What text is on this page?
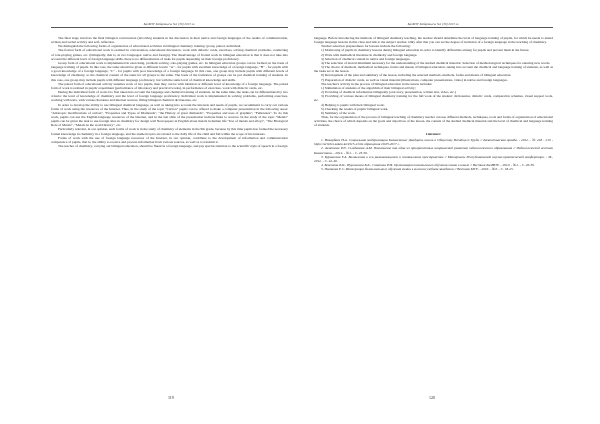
ҚазҰПУ Хабаршысы №1 (39) 2013 ж.

The final stage involves the final bilingual conversation (involving students in the discussion in their native and foreign languages of the results of communication, written and verbal activity and self- reflection.

We distinguish the following forms of organization of educational activities in bilingual chemistry training: group, paired, individual.

The frontal form of educational work is realized in conversation, educational discussion, work with didactic cards, exercises, solving chemical problems, conducting of role-playing games, etc. (bilingually, that is, in two languages: native and foreign). The disadvantage of frontal work in bilingual education is that it does not take into account the different level of foreign language skills, there is no differentiation of tasks for pupils depending on their foreign proficiency.

Group form of educational work is implemented in exercising, problem solving, role-playing games, etc. In bilingual education groups can be formed on the basis of language training of pupils. In this case, the tasks should be given at different levels: "A" - for pupils with excellent knowledge of a foreign language, "B" - for pupils with a good knowledge of a foreign language, "C" - for pupils with poor knowledge of a foreign language. In this case, one group may include pupils with different levels of knowledge of chemistry, so the chemical content of the tasks for all groups is the same. The basis of the formation of groups can be put chemical training of students. In this case, one group may include pupils with different language proficiency, but with the same level of chemical knowledge and skills.

The paired form of educational activity assumes work of two pupils, thus they can be with identical or different level of knowledge of a foreign language. The paired form of work is realized in pupils' experiment (performance of laboratory and practical works), in performance of exercises, work with didactic cards, etc.

During the individual form of work it is first taken into account the language and chemical training of students. At the same time, the tasks can be differentiated by two criteria: the level of knowledge of chemistry and the level of foreign language proficiency. Individual work is implemented in solving problems, performing exercises, working with texts, with various literature and Internet sources, filling bilingual chemical dictionaries, etc.

In order to develop the ability to use bilingual chemical language, as well as taking into account the interests and needs of pupils, we recommend to carry out various forms of work using the resources of the Internet. Thus, in the study of the topic "Carbon" pupils can be offered to make a computer presentation in the following areas: "Allotropic modifications of carbon", "Properties and Types of Diamonds", "the History of great diamonds", "Properties and uses of graphite", "Fullerenes". To do this work, pupils can use the English-language resources of the Internet, and in the last slide of the presentation indicate links to sources. In the study of the topic "Metals" pupils can be given the task to use foreign sites in chemistry for design wall Newspapers in English about metals in human life "Use of metals and alloys", "The Biological Role of Metals", "Metals in the world history", etc.

Particularly relevant, in our opinion, such forms of work is in the study of chemistry of elements in the 9th grade, because by this time pupils has formed the necessary formal knowledge in chemistry in a foreign language, and the studied topics are related to the daily life of the child and fall within the scope of his interests.

Forms of work with the use of foreign language resources of the Internet, in our opinion, contribute to the development of information and communication competence of pupils, that is, the ability to receive and process information from various sources, as well as to transmit it.

The teacher of chemistry, carrying out bilingual education, should be fluent in a foreign language, and pay special attention to the scientific style of speech in a foreign

119
ҚазҰПУ Хабаршысы №1 (39) 2013 ж.

language. Before introducing the methods of bilingual chemistry teaching, the teacher should determine the level of language training of pupils, for which he needs to attend foreign language lessons in this class and talk to the subject teacher. Only after that you can set the degree of inclusion of a foreign language in the teaching of chemistry.

Teacher selection preparedness for lessons include the following:

1) Monitoring of pupils in chemistry lessons during bilingual education in order to identify difficulties arising for pupils and prevent them in the future.

2) Work with methodical literature in chemistry and foreign language.

3) Selection of chemical content in native and foreign languages.

4) The selection of lexical minimum necessary for the understanding of the studied chemical material. Selection of methodological techniques for entering new words.

5) The choice of methods, methodical techniques, forms and means of bilingual education, taking into account the chemical and language training of students, as well as the tasks set at the lesson.

6) Development of the plan and summary of the lesson, including the selected methods, methods, forms and means of bilingual education.

7) Preparation of didactic cards, as well as visual material (illustrations, computer presentations, video) in native and foreign languages.

The teacher's activity in the process of bilingual education in the lesson includes:

1) Stimulation of students of the algorithm of their bilingual activity;

2) Providing of chemical information bilingually (oral story, presentation, written text, video, etc.)

3) Providing of various means of bilingual chemistry training for the full work of the student: dictionaries, didactic cards, comparative schemes, visual support tools, etc.

4) Helping to pupils with their bilingual work.

5) Checking the results of pupils' bilingual work.

6) Summary of the work.

Thus, for the organization of the process of bilingual teaching of chemistry teacher can use different methods, techniques, tools and forms of organization of educational activities, the choice of which depends on the goals and objectives of the lesson, the content of the studied chemical material and the level of chemical and language training of students.

Literature:

1. Назарбаев Н.А. Социальная модернизация Казахстана: Двадцать шагов к Обществу Всеобщего Труда // Казахстанская правда. - 2012. - № 218 - 219 - https://articles.zakon.kz/4515-2.htm обращения 20.05.2017 г.

2. Ахметова Р.Р., Сыздыкова А.М. Полиязычие как одна из приоритетных направлений развития педагогического образования // Педагогический вестник Казахстана. - 2014. - №1. - С. 23-30.

3. Бурашеева Т.А. Билингвизм в его развивающемся и полиязычном пространстве // Материалы Республиканской научно-практической конференции. - М., 2012. - С. 42-49.

4. Бекетова Б.К., Нургалиева Б.К., Сматова Р.М. Организация полиязычного обучения химии в школе // Вестник КазНПУ. - 2010. - №1. - С. 26-30.

5. Полякова Е.С. Интеграция билингвального обучения химии в высшем учебном заведении // Вестник МГУ. - 2016. - №3. - С. 18-25.

120
